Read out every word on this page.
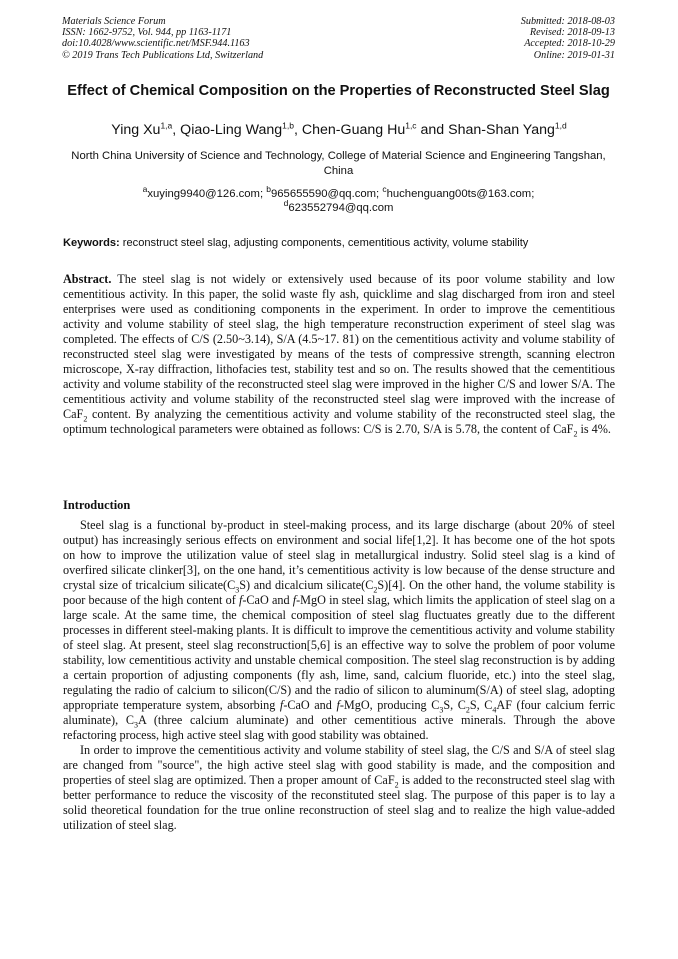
Materials Science Forum
ISSN: 1662-9752, Vol. 944, pp 1163-1171
doi:10.4028/www.scientific.net/MSF.944.1163
© 2019 Trans Tech Publications Ltd, Switzerland
Submitted: 2018-08-03
Revised: 2018-09-13
Accepted: 2018-10-29
Online: 2019-01-31
Effect of Chemical Composition on the Properties of Reconstructed Steel Slag
Ying Xu$^{1,a}$, Qiao-Ling Wang$^{1,b}$, Chen-Guang Hu$^{1,c}$ and Shan-Shan Yang$^{1,d}$
North China University of Science and Technology, College of Material Science and Engineering Tangshan, China
$^a$xuying9940@126.com; $^b$965655590@qq.com; $^c$huchenguang00ts@163.com;
$^d$623552794@qq.com
Keywords: reconstruct steel slag, adjusting components, cementitious activity, volume stability
Abstract. The steel slag is not widely or extensively used because of its poor volume stability and low cementitious activity. In this paper, the solid waste fly ash, quicklime and slag discharged from iron and steel enterprises were used as conditioning components in the experiment. In order to improve the cementitious activity and volume stability of steel slag, the high temperature reconstruction experiment of steel slag was completed. The effects of C/S (2.50~3.14), S/A (4.5~17. 81) on the cementitious activity and volume stability of reconstructed steel slag were investigated by means of the tests of compressive strength, scanning electron microscope, X-ray diffraction, lithofacies test, stability test and so on. The results showed that the cementitious activity and volume stability of the reconstructed steel slag were improved in the higher C/S and lower S/A. The cementitious activity and volume stability of the reconstructed steel slag were improved with the increase of CaF$_2$ content. By analyzing the cementitious activity and volume stability of the reconstructed steel slag, the optimum technological parameters were obtained as follows: C/S is 2.70, S/A is 5.78, the content of CaF$_2$ is 4%.
Introduction

Steel slag is a functional by-product in steel-making process, and its large discharge (about 20% of steel output) has increasingly serious effects on environment and social life[1,2]. It has become one of the hot spots on how to improve the utilization value of steel slag in metallurgical industry. Solid steel slag is a kind of overfired silicate clinker[3], on the one hand, it’s cementitious activity is low because of the dense structure and crystal size of tricalcium $silicate(C_3S)$ and dicalcium $silicate(C_2S)[4]$. On the other hand, the volume stability is poor because of the high content of f-CaO and f-MgO in steel slag, which limits the application of steel slag on a large scale. At the same time, the chemical composition of steel slag fluctuates greatly due to the different processes in different steel-making plants. It is difficult to improve the cementitious activity and volume stability of steel slag. At present, steel slag reconstruction[5,6] is an effective way to solve the problem of poor volume stability, low cementitious activity and unstable chemical composition. The steel slag reconstruction is by adding a certain proportion of adjusting components (fly ash, lime, sand, calcium fluoride, etc.) into the steel slag, regulating the radio of calcium to silicon(C/S) and the radio of silicon to aluminum(S/A) of steel slag, adopting appropriate temperature system, absorbing f-CaO and f-MgO, producing $C_3S$, $C_2S$, $C_4AF$ (four calcium ferric aluminate), $C_3A$ (three calcium aluminate) and other cementitious active minerals. Through the above refactoring process, high active steel slag with good stability was obtained.

In order to improve the cementitious activity and volume stability of steel slag, the C/S and S/A of steel slag are changed from "source", the high active steel slag with good stability is made, and the composition and properties of steel slag are optimized. Then a proper amount of CaF$_2$ is added to the reconstructed steel slag with better performance to reduce the viscosity of the reconstituted steel slag. The purpose of this paper is to lay a solid theoretical foundation for the true online reconstruction of steel slag and to realize the high value-added utilization of steel slag.
